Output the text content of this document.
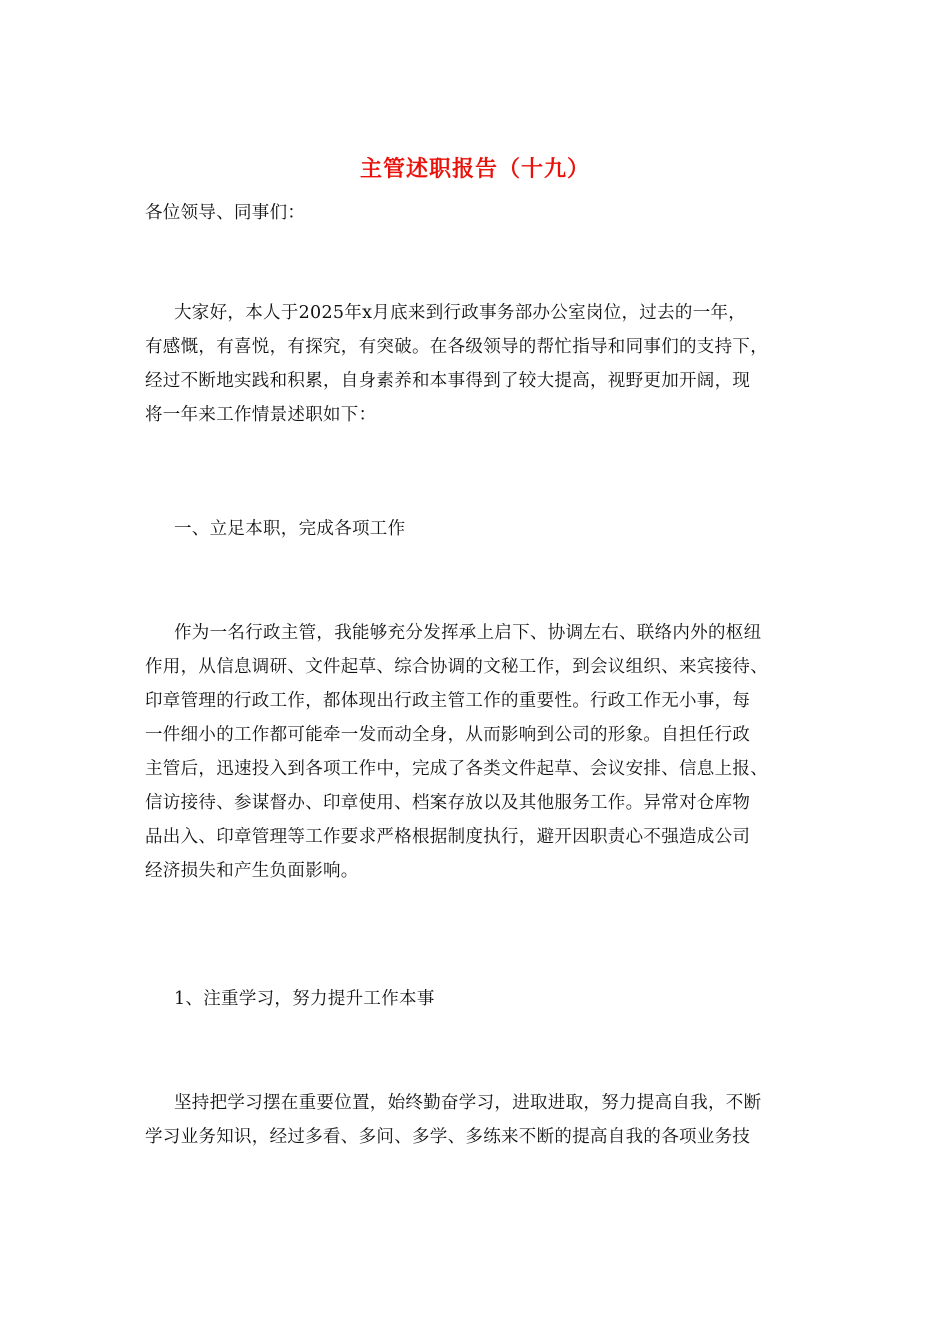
主管述职报告（十九）
各位领导、同事们：
大家好，本人于2025年x月底来到行政事务部办公室岗位，过去的一年，
有感慨，有喜悦，有探究，有突破。在各级领导的帮忙指导和同事们的支持下，
经过不断地实践和积累，自身素养和本事得到了较大提高，视野更加开阔，现
将一年来工作情景述职如下：
一、立足本职，完成各项工作
作为一名行政主管，我能够充分发挥承上启下、协调左右、联络内外的枢纽
作用，从信息调研、文件起草、综合协调的文秘工作，到会议组织、来宾接待、
印章管理的行政工作，都体现出行政主管工作的重要性。行政工作无小事，每
一件细小的工作都可能牵一发而动全身，从而影响到公司的形象。自担任行政
主管后，迅速投入到各项工作中，完成了各类文件起草、会议安排、信息上报、
信访接待、参谋督办、印章使用、档案存放以及其他服务工作。异常对仓库物
品出入、印章管理等工作要求严格根据制度执行，避开因职责心不强造成公司
经济损失和产生负面影响。
1、注重学习，努力提升工作本事
坚持把学习摆在重要位置，始终勤奋学习，进取进取，努力提高自我，不断
学习业务知识，经过多看、多问、多学、多练来不断的提高自我的各项业务技
